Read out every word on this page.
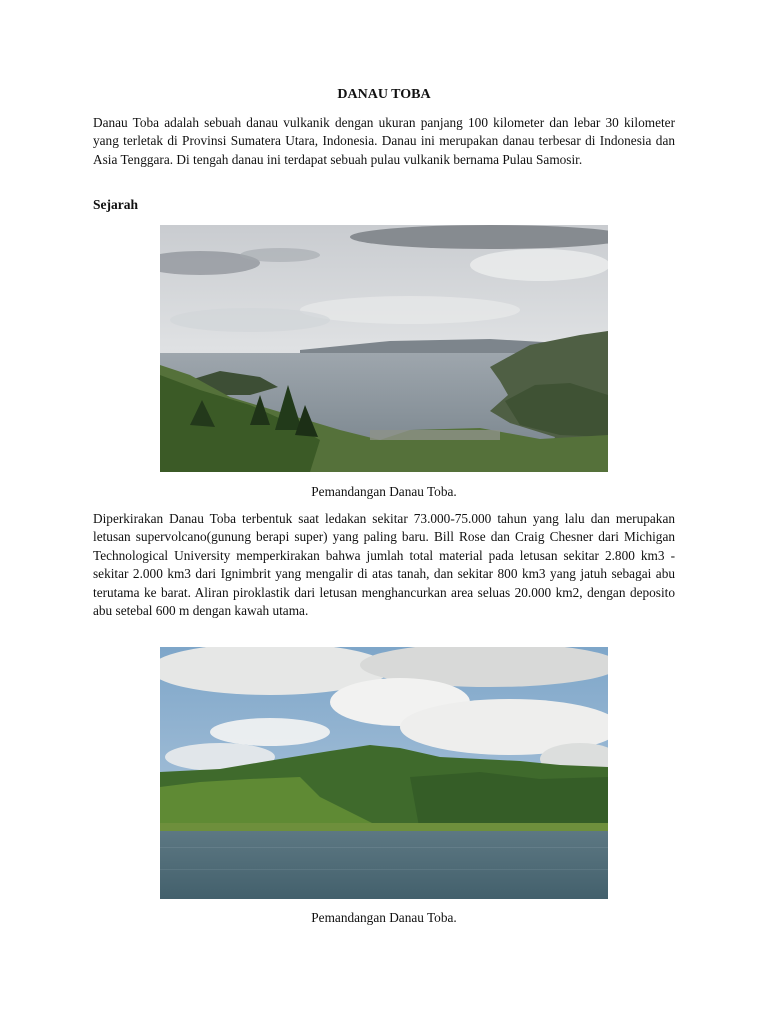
DANAU TOBA

Danau Toba adalah sebuah danau vulkanik dengan ukuran panjang 100 kilometer dan lebar 30 kilometer yang terletak di Provinsi Sumatera Utara, Indonesia. Danau ini merupakan danau terbesar di Indonesia dan Asia Tenggara. Di tengah danau ini terdapat sebuah pulau vulkanik bernama Pulau Samosir.

Sejarah
Pemandangan Danau Toba.

Diperkirakan Danau Toba terbentuk saat ledakan sekitar 73.000-75.000 tahun yang lalu dan merupakan letusan supervolcano(gunung berapi super) yang paling baru. Bill Rose dan Craig Chesner dari Michigan Technological University memperkirakan bahwa jumlah total material pada letusan sekitar 2.800 km3 -sekitar 2.000 km3 dari Ignimbrit yang mengalir di atas tanah, dan sekitar 800 km3 yang jatuh sebagai abu terutama ke barat. Aliran piroklastik dari letusan menghancurkan area seluas 20.000 km2, dengan deposito abu setebal 600 m dengan kawah utama.

Pemandangan Danau Toba.
